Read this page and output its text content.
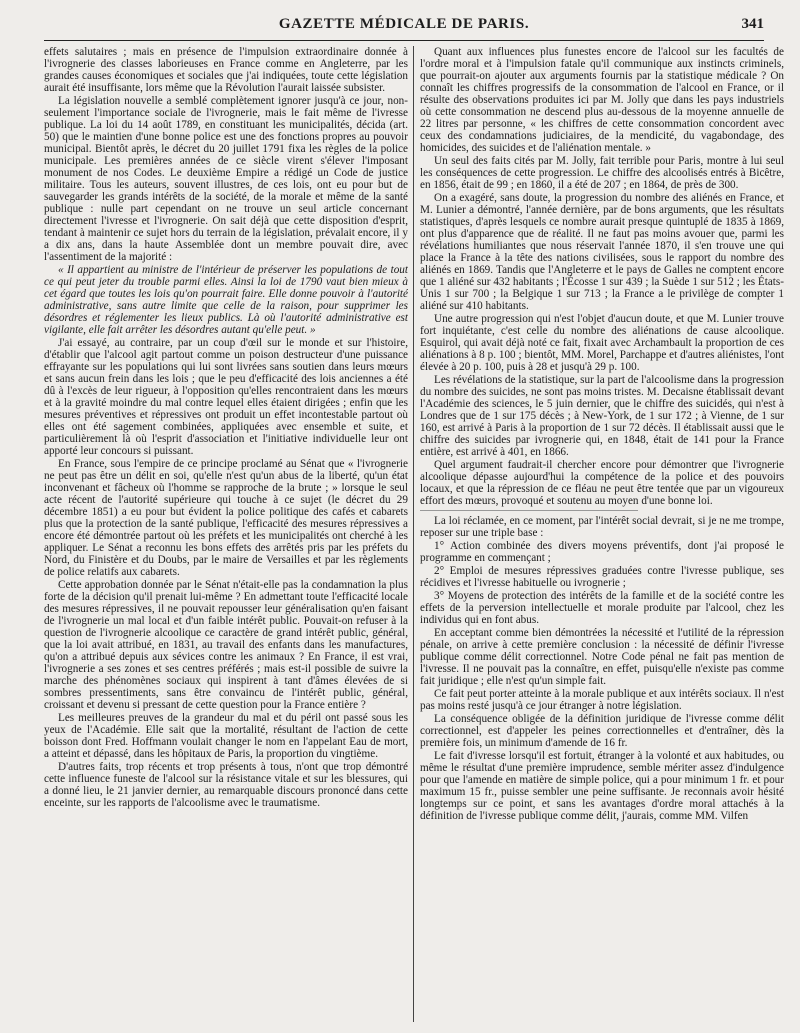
GAZETTE MÉDICALE DE PARIS.	341

effets salutaires ; mais en présence de l'impulsion extraordinaire donnée à l'ivrognerie des classes laborieuses en France comme en Angleterre, par les grandes causes économiques et sociales que j'ai indiquées, toute cette législation aurait été insuffisante, lors même que la Révolution l'aurait laissée subsister.

La législation nouvelle a semblé complètement ignorer jusqu'à ce jour, non-seulement l'importance sociale de l'ivrognerie, mais le fait même de l'ivresse publique. La loi du 14 août 1789, en constituant les municipalités, décida (art. 50) que le maintien d'une bonne police est une des fonctions propres au pouvoir municipal. Bientôt après, le décret du 20 juillet 1791 fixa les règles de la police municipale. Les premières années de ce siècle virent s'élever l'imposant monument de nos Codes. Le deuxième Empire a rédigé un Code de justice militaire. Tous les auteurs, souvent illustres, de ces lois, ont eu pour but de sauvegarder les grands intérêts de la société, de la morale et même de la santé publique : nulle part cependant on ne trouve un seul article concernant directement l'ivresse et l'ivrognerie. On sait déjà que cette disposition d'esprit, tendant à maintenir ce sujet hors du terrain de la législation, prévalait encore, il y a dix ans, dans la haute Assemblée dont un membre pouvait dire, avec l'assentiment de la majorité :

« Il appartient au ministre de l'intérieur de préserver les populations de tout ce qui peut jeter du trouble parmi elles. Ainsi la loi de 1790 vaut bien mieux à cet égard que toutes les lois qu'on pourrait faire. Elle donne pouvoir à l'autorité administrative, sans autre limite que celle de la raison, pour supprimer les désordres et réglementer les lieux publics. Là où l'autorité administrative est vigilante, elle fait arrêter les désordres autant qu'elle peut. »

J'ai essayé, au contraire, par un coup d'œil sur le monde et sur l'histoire, d'établir que l'alcool agit partout comme un poison destructeur d'une puissance effrayante sur les populations qui lui sont livrées sans soutien dans leurs mœurs et sans aucun frein dans les lois ; que le peu d'efficacité des lois anciennes a été dû à l'excès de leur rigueur, à l'opposition qu'elles rencontraient dans les mœurs et à la gravité moindre du mal contre lequel elles étaient dirigées ; enfin que les mesures préventives et répressives ont produit un effet incontestable partout où elles ont été sagement combinées, appliquées avec ensemble et suite, et particulièrement là où l'esprit d'association et l'initiative individuelle leur ont apporté leur concours si puissant.

En France, sous l'empire de ce principe proclamé au Sénat que « l'ivrognerie ne peut pas être un délit en soi, qu'elle n'est qu'un abus de la liberté, qu'un état inconvenant et fâcheux où l'homme se rapproche de la brute ; » lorsque le seul acte récent de l'autorité supérieure qui touche à ce sujet (le décret du 29 décembre 1851) a eu pour but évident la police politique des cafés et cabarets plus que la protection de la santé publique, l'efficacité des mesures répressives a encore été démontrée partout où les préfets et les municipalités ont cherché à les appliquer. Le Sénat a reconnu les bons effets des arrêtés pris par les préfets du Nord, du Finistère et du Doubs, par le maire de Versailles et par les règlements de police relatifs aux cabarets.

Cette approbation donnée par le Sénat n'était-elle pas la condamnation la plus forte de la décision qu'il prenait lui-même ? En admettant toute l'efficacité locale des mesures répressives, il ne pouvait repousser leur généralisation qu'en faisant de l'ivrognerie un mal local et d'un faible intérêt public. Pouvait-on refuser à la question de l'ivrognerie alcoolique ce caractère de grand intérêt public, général, que la loi avait attribué, en 1831, au travail des enfants dans les manufactures, qu'on a attribué depuis aux sévices contre les animaux ? En France, il est vrai, l'ivrognerie a ses zones et ses centres préférés ; mais est-il possible de suivre la marche des phénomènes sociaux qui inspirent à tant d'âmes élevées de si sombres pressentiments, sans être convaincu de l'intérêt public, général, croissant et devenu si pressant de cette question pour la France entière ?

Les meilleures preuves de la grandeur du mal et du péril ont passé sous les yeux de l'Académie. Elle sait que la mortalité, résultant de l'action de cette boisson dont Fred. Hoffmann voulait changer le nom en l'appelant Eau de mort, a atteint et dépassé, dans les hôpitaux de Paris, la proportion du vingtième.

D'autres faits, trop récents et trop présents à tous, n'ont que trop démontré cette influence funeste de l'alcool sur la résistance vitale et sur les blessures, qui a donné lieu, le 21 janvier dernier, au remarquable discours prononcé dans cette enceinte, sur les rapports de l'alcoolisme avec le traumatisme.

Quant aux influences plus funestes encore de l'alcool sur les facultés de l'ordre moral et à l'impulsion fatale qu'il communique aux instincts criminels, que pourrait-on ajouter aux arguments fournis par la statistique médicale ? On connaît les chiffres progressifs de la consommation de l'alcool en France, or il résulte des observations produites ici par M. Jolly que dans les pays industriels où cette consommation ne descend plus au-dessous de la moyenne annuelle de 22 litres par personne, « les chiffres de cette consommation concordent avec ceux des condamnations judiciaires, de la mendicité, du vagabondage, des homicides, des suicides et de l'aliénation mentale. »

Un seul des faits cités par M. Jolly, fait terrible pour Paris, montre à lui seul les conséquences de cette progression. Le chiffre des alcoolisés entrés à Bicêtre, en 1856, était de 99 ; en 1860, il a été de 207 ; en 1864, de près de 300.

On a exagéré, sans doute, la progression du nombre des aliénés en France, et M. Lunier a démontré, l'année dernière, par de bons arguments, que les résultats statistiques, d'après lesquels ce nombre aurait presque quintuplé de 1835 à 1869, ont plus d'apparence que de réalité. Il ne faut pas moins avouer que, parmi les révélations humiliantes que nous réservait l'année 1870, il s'en trouve une qui place la France à la tête des nations civilisées, sous le rapport du nombre des aliénés en 1869. Tandis que l'Angleterre et le pays de Galles ne comptent encore que 1 aliéné sur 432 habitants ; l'Écosse 1 sur 439 ; la Suède 1 sur 512 ; les États-Unis 1 sur 700 ; la Belgique 1 sur 713 ; la France a le privilège de compter 1 aliéné sur 410 habitants.

Une autre progression qui n'est l'objet d'aucun doute, et que M. Lunier trouve fort inquiétante, c'est celle du nombre des aliénations de cause alcoolique. Esquirol, qui avait déjà noté ce fait, fixait avec Archambault la proportion de ces aliénations à 8 p. 100 ; bientôt, MM. Morel, Parchappe et d'autres aliénistes, l'ont élevée à 20 p. 100, puis à 28 et jusqu'à 29 p. 100.

Les révélations de la statistique, sur la part de l'alcoolisme dans la progression du nombre des suicides, ne sont pas moins tristes. M. Decaisne établissait devant l'Académie des sciences, le 5 juin dernier, que le chiffre des suicidés, qui n'est à Londres que de 1 sur 175 décès ; à New-York, de 1 sur 172 ; à Vienne, de 1 sur 160, est arrivé à Paris à la proportion de 1 sur 72 décès. Il établissait aussi que le chiffre des suicides par ivrognerie qui, en 1848, était de 141 pour la France entière, est arrivé à 401, en 1866.

Quel argument faudrait-il chercher encore pour démontrer que l'ivrognerie alcoolique dépasse aujourd'hui la compétence de la police et des pouvoirs locaux, et que la répression de ce fléau ne peut être tentée que par un vigoureux effort des mœurs, provoqué et soutenu au moyen d'une bonne loi.

La loi réclamée, en ce moment, par l'intérêt social devrait, si je ne me trompe, reposer sur une triple base :

1° Action combinée des divers moyens préventifs, dont j'ai proposé le programme en commençant ;

2° Emploi de mesures répressives graduées contre l'ivresse publique, ses récidives et l'ivresse habituelle ou ivrognerie ;

3° Moyens de protection des intérêts de la famille et de la société contre les effets de la perversion intellectuelle et morale produite par l'alcool, chez les individus qui en font abus.

En acceptant comme bien démontrées la nécessité et l'utilité de la répression pénale, on arrive à cette première conclusion : la nécessité de définir l'ivresse publique comme délit correctionnel. Notre Code pénal ne fait pas mention de l'ivresse. Il ne pouvait pas la connaître, en effet, puisqu'elle n'existe pas comme fait juridique ; elle n'est qu'un simple fait.

Ce fait peut porter atteinte à la morale publique et aux intérêts sociaux. Il n'est pas moins resté jusqu'à ce jour étranger à notre législation.

La conséquence obligée de la définition juridique de l'ivresse comme délit correctionnel, est d'appeler les peines correctionnelles et d'entraîner, dès la première fois, un minimum d'amende de 16 fr.

Le fait d'ivresse lorsqu'il est fortuit, étranger à la volonté et aux habitudes, ou même le résultat d'une première imprudence, semble mériter assez d'indulgence pour que l'amende en matière de simple police, qui a pour minimum 1 fr. et pour maximum 15 fr., puisse sembler une peine suffisante. Je reconnais avoir hésité longtemps sur ce point, et sans les avantages d'ordre moral attachés à la définition de l'ivresse publique comme délit, j'aurais, comme MM. Vilfen
